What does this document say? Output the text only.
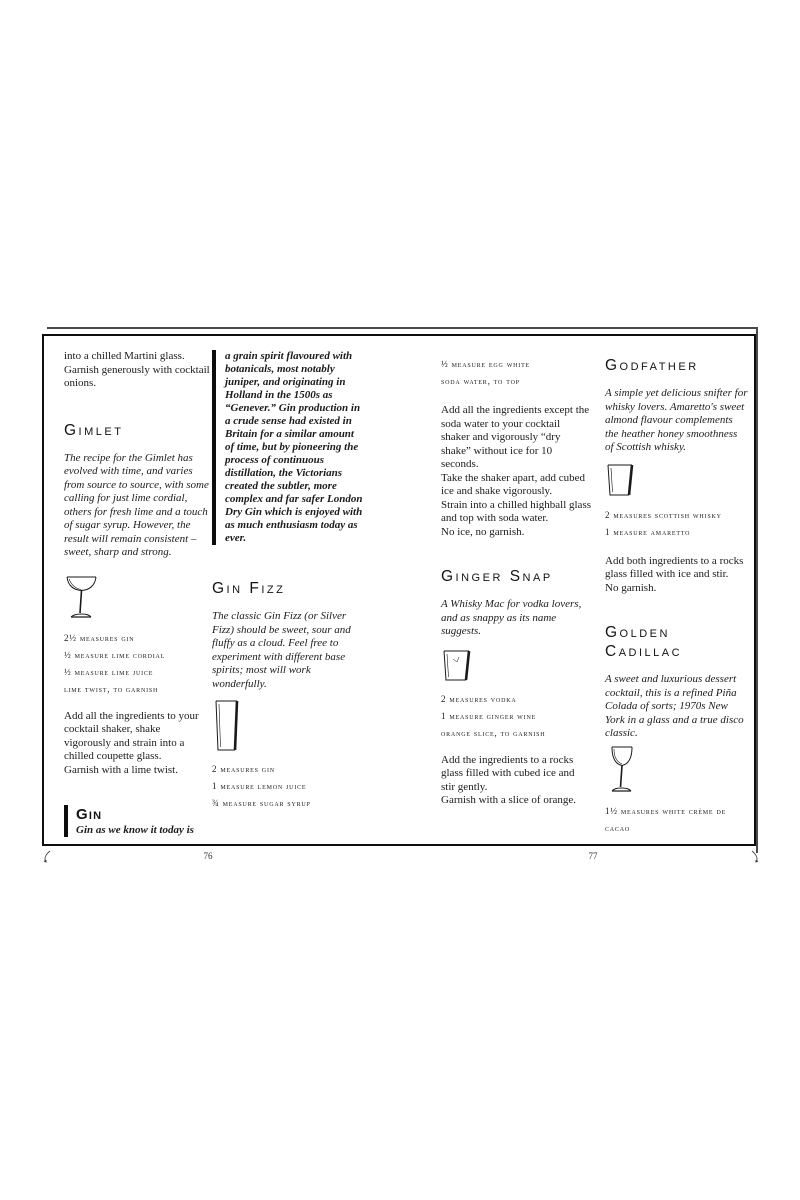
into a chilled Martini glass. Garnish generously with cocktail onions.

Gimlet

The recipe for the Gimlet has evolved with time, and varies from source to source, with some calling for just lime cordial, others for fresh lime and a touch of sugar syrup. However, the result will remain consistent – sweet, sharp and strong.

2½ measures gin
½ measure lime cordial
½ measure lime juice
lime twist, to garnish

Add all the ingredients to your cocktail shaker, shake vigorously and strain into a chilled coupette glass.

Garnish with a lime twist.

Gin

Gin as we know it today is

a grain spirit flavoured with botanicals, most notably juniper, and originating in Holland in the 1500s as “Genever.” Gin production in a crude sense had existed in Britain for a similar amount of time, but by pioneering the process of continuous distillation, the Victorians created the subtler, more complex and far safer London Dry Gin which is enjoyed with as much enthusiasm today as ever.

Gin Fizz

The classic Gin Fizz (or Silver Fizz) should be sweet, sour and fluffy as a cloud. Feel free to experiment with different base spirits; most will work wonderfully.

2 measures gin
1 measure lemon juice
¾ measure sugar syrup
½ measure egg white
soda water, to top

Add all the ingredients except the soda water to your cocktail shaker and vigorously “dry shake” without ice for 10 seconds.

Take the shaker apart, add cubed ice and shake vigorously.

Strain into a chilled highball glass and top with soda water.

No ice, no garnish.

Ginger Snap

A Whisky Mac for vodka lovers, and as snappy as its name suggests.

2 measures vodka
1 measure ginger wine
orange slice, to garnish

Add the ingredients to a rocks glass filled with cubed ice and stir gently.

Garnish with a slice of orange.

Godfather

A simple yet delicious snifter for whisky lovers. Amaretto's sweet almond flavour complements the heather honey smoothness of Scottish whisky.

2 measures scottish whisky
1 measure amaretto

Add both ingredients to a rocks glass filled with ice and stir.

No garnish.

Golden Cadillac

A sweet and luxurious dessert cocktail, this is a refined Piña Colada of sorts; 1970s New York in a glass and a true disco classic.

1½ measures white crème de cacao
76	77
